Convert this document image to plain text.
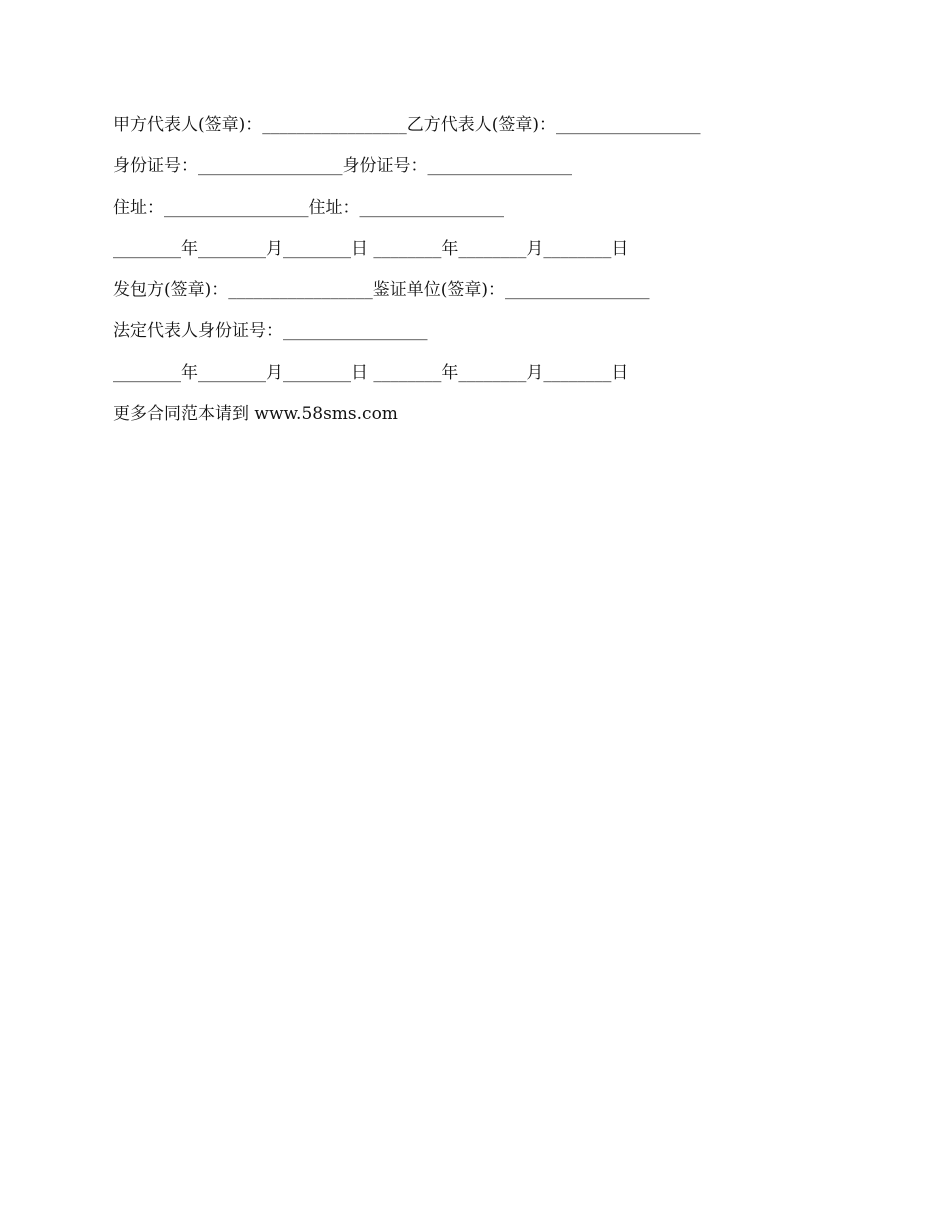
甲方代表人(签章)：_________________乙方代表人(签章)：_________________
身份证号：_________________身份证号：_________________
住址：_________________住址：_________________
________年________月________日 ________年________月________日
发包方(签章)：_________________鉴证单位(签章)：_________________
法定代表人身份证号：_________________
________年________月________日 ________年________月________日
更多合同范本请到 www.58sms.com
